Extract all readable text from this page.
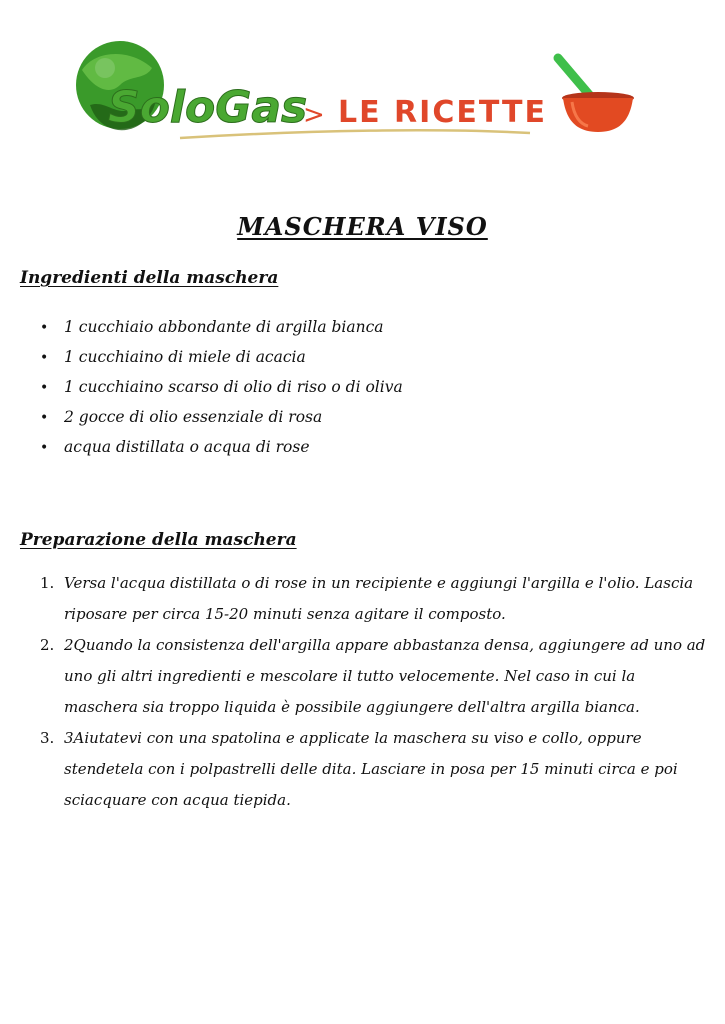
SoloGas
> LE RICETTE
MASCHERA VISO
Ingredienti della maschera
• 1 cucchiaio abbondante di argilla bianca
• 1 cucchiaino di miele di acacia
• 1 cucchiaino scarso di olio di riso o di oliva
• 2 gocce di olio essenziale di rosa
• acqua distillata o acqua di rose
Preparazione della maschera
1. Versa l'acqua distillata o di rose in un recipiente e aggiungi l'argilla e l'olio. Lascia riposare per circa 15-20 minuti senza agitare il composto.
2. 2Quando la consistenza dell'argilla appare abbastanza densa, aggiungere ad uno ad uno gli altri ingredienti e mescolare il tutto velocemente. Nel caso in cui la maschera sia troppo liquida è possibile aggiungere dell'altra argilla bianca.
3. 3Aiutatevi con una spatolina e applicate la maschera su viso e collo, oppure stendetela con i polpastrelli delle dita. Lasciare in posa per 15 minuti circa e poi sciacquare con acqua tiepida.
